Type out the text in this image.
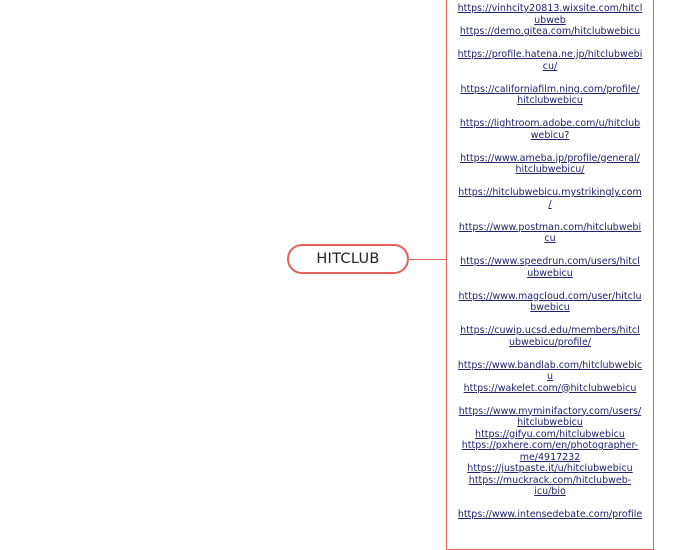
HITCLUB
https://vinhcity20813.wixsite.com/hitcl
ubweb
https://demo.gitea.com/hitclubwebicu
https://profile.hatena.ne.jp/hitclubwebi
cu/
https://californiafilm.ning.com/profile/
hitclubwebicu
https://lightroom.adobe.com/u/hitclub
webicu?
https://www.ameba.jp/profile/general/
hitclubwebicu/
https://hitclubwebicu.mystrikingly.com
/
https://www.postman.com/hitclubwebi
cu
https://www.speedrun.com/users/hitcl
ubwebicu
https://www.magcloud.com/user/hitclu
bwebicu
https://cuwip.ucsd.edu/members/hitcl
ubwebicu/profile/
https://www.bandlab.com/hitclubwebic
u
https://wakelet.com/@hitclubwebicu
https://www.myminifactory.com/users/
hitclubwebicu
https://gifyu.com/hitclubwebicu
https://pxhere.com/en/photographer-
me/4917232
https://justpaste.it/u/hitclubwebicu
https://muckrack.com/hitclubweb-
icu/bio
https://www.intensedebate.com/profile
